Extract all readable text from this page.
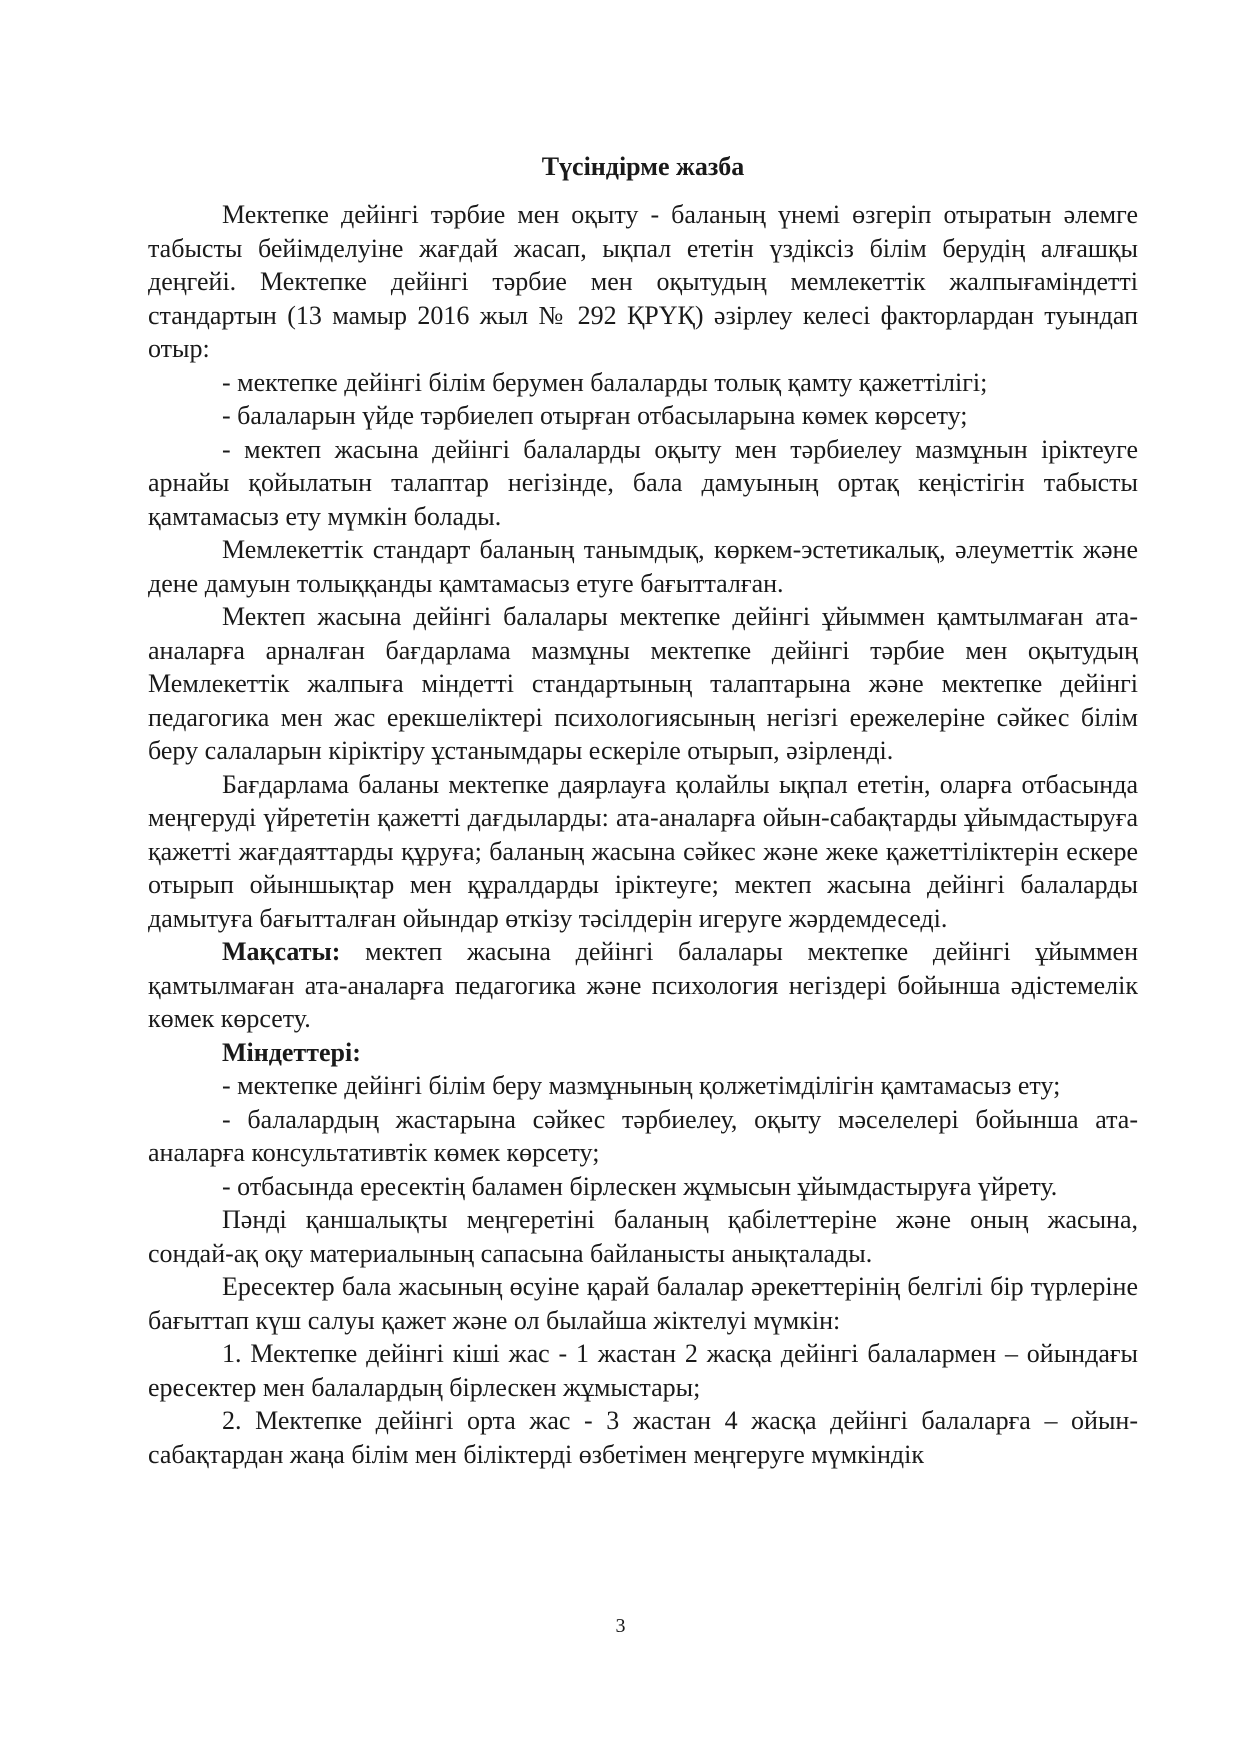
Түсіндірме жазба

Мектепке дейінгі тәрбие мен оқыту - баланың үнемі өзгеріп отыратын әлемге табысты бейімделуіне жағдай жасап, ықпал ететін үздіксіз білім берудің алғашқы деңгейі. Мектепке дейінгі тәрбие мен оқытудың мемлекеттік жалпығаміндетті стандартын (13 мамыр 2016 жыл № 292 ҚРҮҚ) әзірлеу келесі факторлардан туындап отыр:

- мектепке дейінгі білім берумен балаларды толық қамту қажеттілігі;

- балаларын үйде тәрбиелеп отырған отбасыларына көмек көрсету;

- мектеп жасына дейінгі балаларды оқыту мен тәрбиелеу мазмұнын іріктеуге арнайы қойылатын талаптар негізінде, бала дамуының ортақ кеңістігін табысты қамтамасыз ету мүмкін болады.

Мемлекеттік стандарт баланың танымдық, көркем-эстетикалық, әлеуметтік және дене дамуын толыққанды қамтамасыз етуге бағытталған.

Мектеп жасына дейінгі балалары мектепке дейінгі ұйыммен қамтылмаған ата-аналарға арналған бағдарлама мазмұны мектепке дейінгі тәрбие мен оқытудың Мемлекеттік жалпыға міндетті стандартының талаптарына және мектепке дейінгі педагогика мен жас ерекшеліктері психологиясының негізгі ережелеріне сәйкес білім беру салаларын кіріктіру ұстанымдары ескеріле отырып, әзірленді.

Бағдарлама баланы мектепке даярлауға қолайлы ықпал ететін, оларға отбасында меңгеруді үйрететін қажетті дағдыларды: ата-аналарға ойын-сабақтарды ұйымдастыруға қажетті жағдаяттарды құруға; баланың жасына сәйкес және жеке қажеттіліктерін ескере отырып ойыншықтар мен құралдарды іріктеуге; мектеп жасына дейінгі балаларды дамытуға бағытталған ойындар өткізу тәсілдерін игеруге жәрдемдеседі.

Мақсаты: мектеп жасына дейінгі балалары мектепке дейінгі ұйыммен қамтылмаған ата-аналарға педагогика және психология негіздері бойынша әдістемелік көмек көрсету.

Міндеттері:

- мектепке дейінгі білім беру мазмұнының қолжетімділігін қамтамасыз ету;

- балалардың жастарына сәйкес тәрбиелеу, оқыту мәселелері бойынша ата- аналарға консультативтік көмек көрсету;

- отбасында ересектің баламен бірлескен жұмысын ұйымдастыруға үйрету.

Пәнді қаншалықты меңгеретіні баланың қабілеттеріне және оның жасына, сондай-ақ оқу материалының сапасына байланысты анықталады.

Ересектер бала жасының өсуіне қарай балалар әрекеттерінің белгілі бір түрлеріне бағыттап күш салуы қажет және ол былайша жіктелуі мүмкін:

1. Мектепке дейінгі кіші жас - 1 жастан 2 жасқа дейінгі балалармен – ойындағы ересектер мен балалардың бірлескен жұмыстары;

2. Мектепке дейінгі орта жас - 3 жастан 4 жасқа дейінгі балаларға – ойын-сабақтардан жаңа білім мен біліктерді өзбетімен меңгеруге мүмкіндік

3
